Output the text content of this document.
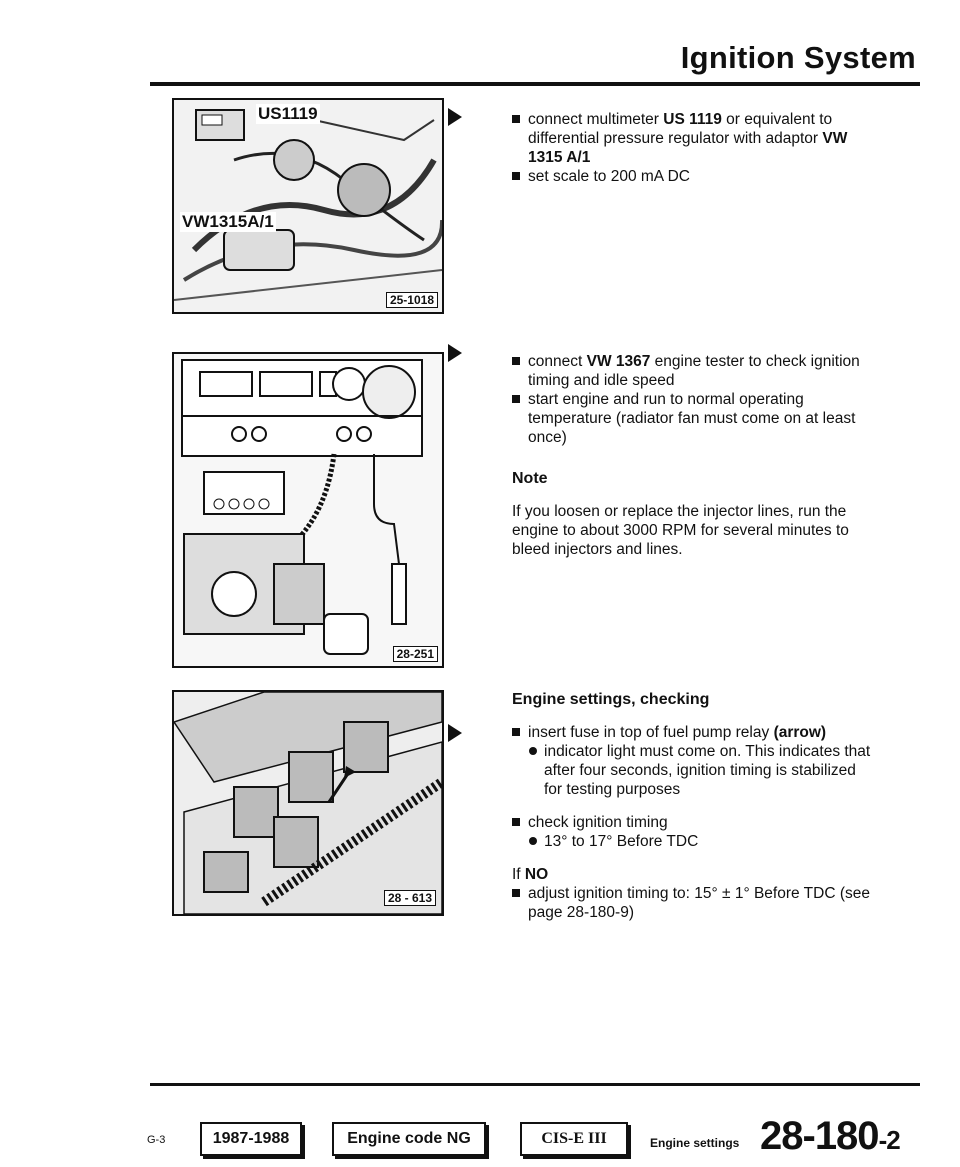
Ignition System
US1119
VW1315A/1
25-1018
28-251
28 - 613
connect multimeter US 1119 or equivalent to differential pressure regulator with adaptor VW 1315 A/1
set scale to 200 mA DC
connect VW 1367 engine tester to check ignition timing and idle speed
start engine and run to normal operating temperature (radiator fan must come on at least once)
Note
If you loosen or replace the injector lines, run the engine to about 3000 RPM for several minutes to bleed injectors and lines.
Engine settings, checking
insert fuse in top of fuel pump relay (arrow)
indicator light must come on. This indicates that after four seconds, ignition timing is stabilized for testing purposes
check ignition timing
13° to 17° Before TDC
If NO
adjust ignition timing to: 15° ± 1° Before TDC (see page 28-180-9)
G-3	1987-1988	Engine code NG	CIS-E III	Engine settings 28-180-2
